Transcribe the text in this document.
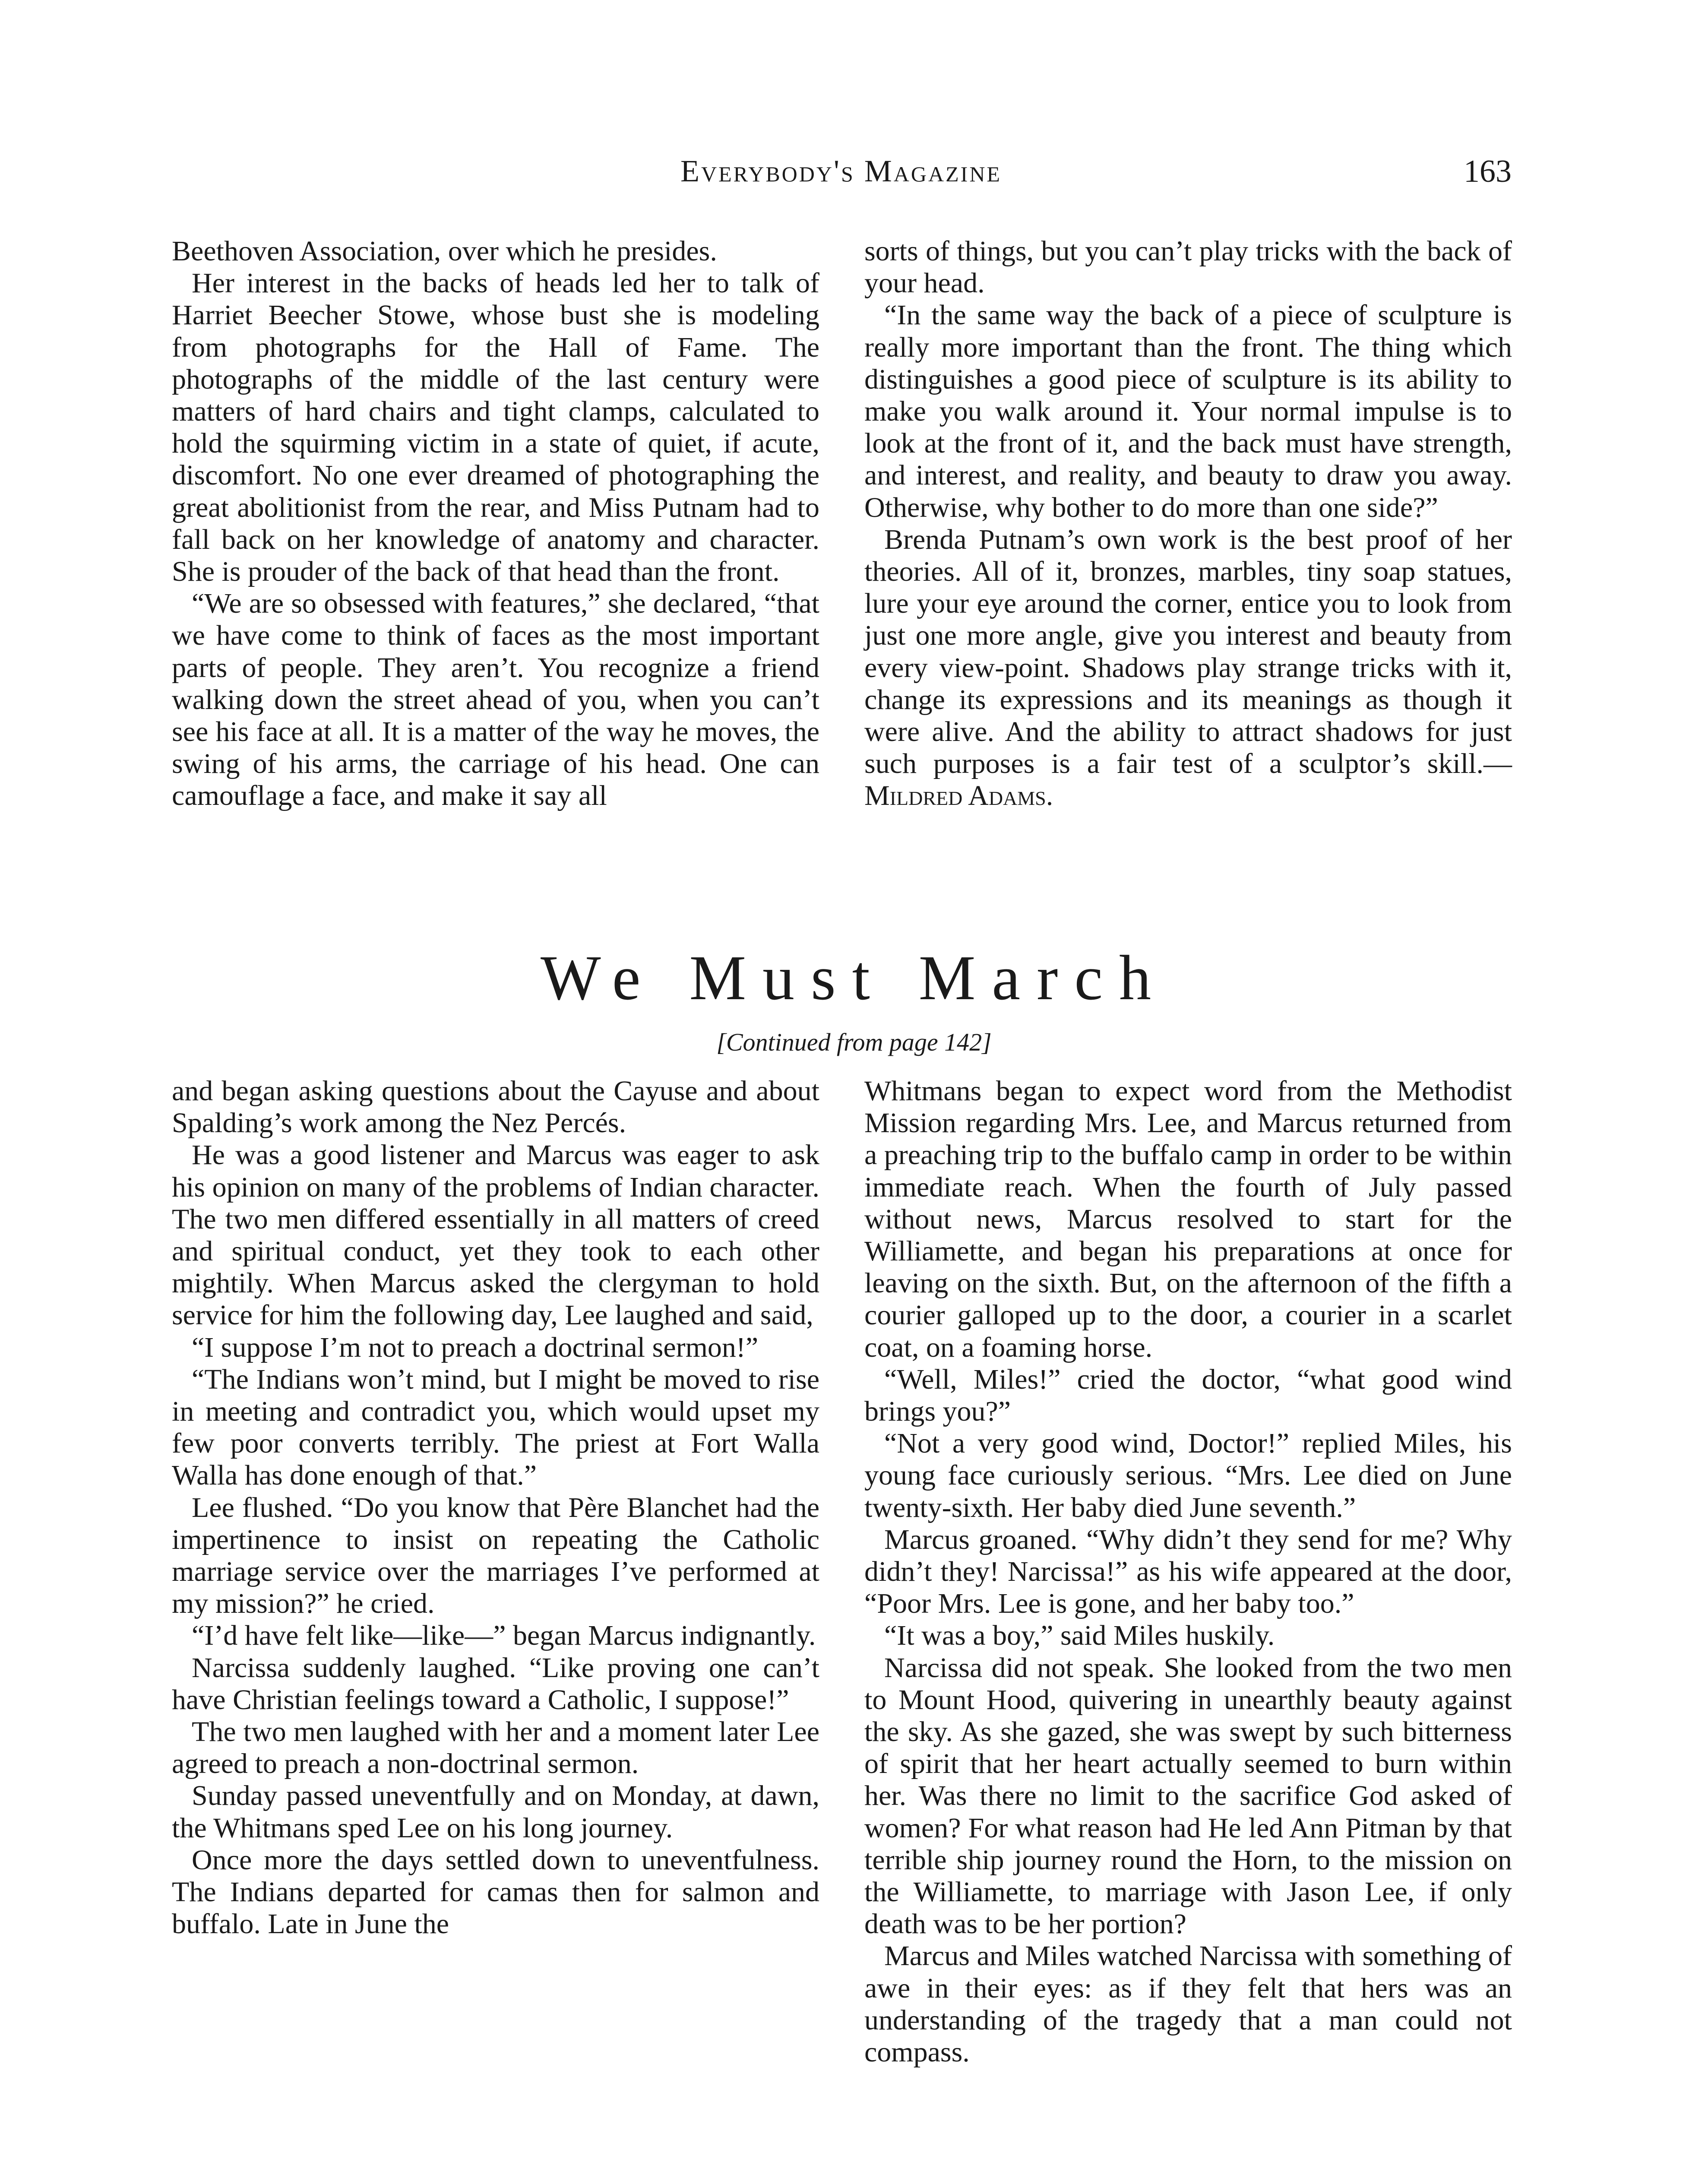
Everybody's Magazine	163

Beethoven Association, over which he presides.

Her interest in the backs of heads led her to talk of Harriet Beecher Stowe, whose bust she is modeling from photographs for the Hall of Fame. The photographs of the middle of the last century were matters of hard chairs and tight clamps, calculated to hold the squirming victim in a state of quiet, if acute, discomfort. No one ever dreamed of photographing the great abolitionist from the rear, and Miss Putnam had to fall back on her knowledge of anatomy and character. She is prouder of the back of that head than the front.

“We are so obsessed with features,” she declared, “that we have come to think of faces as the most important parts of people. They aren’t. You recognize a friend walking down the street ahead of you, when you can’t see his face at all. It is a matter of the way he moves, the swing of his arms, the carriage of his head. One can camouflage a face, and make it say all

sorts of things, but you can’t play tricks with the back of your head.

“In the same way the back of a piece of sculpture is really more important than the front. The thing which distinguishes a good piece of sculpture is its ability to make you walk around it. Your normal impulse is to look at the front of it, and the back must have strength, and interest, and reality, and beauty to draw you away. Otherwise, why bother to do more than one side?”

Brenda Putnam’s own work is the best proof of her theories. All of it, bronzes, marbles, tiny soap statues, lure your eye around the corner, entice you to look from just one more angle, give you interest and beauty from every view-point. Shadows play strange tricks with it, change its expressions and its meanings as though it were alive. And the ability to attract shadows for just such purposes is a fair test of a sculptor’s skill.—Mildred Adams.

We Must March
[Continued from page 142]

and began asking questions about the Cayuse and about Spalding’s work among the Nez Percés.

He was a good listener and Marcus was eager to ask his opinion on many of the problems of Indian character. The two men differed essentially in all matters of creed and spiritual conduct, yet they took to each other mightily. When Marcus asked the clergyman to hold service for him the following day, Lee laughed and said,

“I suppose I’m not to preach a doctrinal sermon!”

“The Indians won’t mind, but I might be moved to rise in meeting and contradict you, which would upset my few poor converts terribly. The priest at Fort Walla Walla has done enough of that.”

Lee flushed. “Do you know that Père Blanchet had the impertinence to insist on repeating the Catholic marriage service over the marriages I’ve performed at my mission?” he cried.

“I’d have felt like—like—” began Marcus indignantly.

Narcissa suddenly laughed. “Like proving one can’t have Christian feelings toward a Catholic, I suppose!”

The two men laughed with her and a moment later Lee agreed to preach a non-doctrinal sermon.

Sunday passed uneventfully and on Monday, at dawn, the Whitmans sped Lee on his long journey.

Once more the days settled down to uneventfulness. The Indians departed for camas then for salmon and buffalo. Late in June the

Whitmans began to expect word from the Methodist Mission regarding Mrs. Lee, and Marcus returned from a preaching trip to the buffalo camp in order to be within immediate reach. When the fourth of July passed without news, Marcus resolved to start for the Williamette, and began his preparations at once for leaving on the sixth. But, on the afternoon of the fifth a courier galloped up to the door, a courier in a scarlet coat, on a foaming horse.

“Well, Miles!” cried the doctor, “what good wind brings you?”

“Not a very good wind, Doctor!” replied Miles, his young face curiously serious. “Mrs. Lee died on June twenty-sixth. Her baby died June seventh.”

Marcus groaned. “Why didn’t they send for me? Why didn’t they! Narcissa!” as his wife appeared at the door, “Poor Mrs. Lee is gone, and her baby too.”

“It was a boy,” said Miles huskily.

Narcissa did not speak. She looked from the two men to Mount Hood, quivering in unearthly beauty against the sky. As she gazed, she was swept by such bitterness of spirit that her heart actually seemed to burn within her. Was there no limit to the sacrifice God asked of women? For what reason had He led Ann Pitman by that terrible ship journey round the Horn, to the mission on the Williamette, to marriage with Jason Lee, if only death was to be her portion?

Marcus and Miles watched Narcissa with something of awe in their eyes: as if they felt that hers was an understanding of the tragedy that a man could not compass.
